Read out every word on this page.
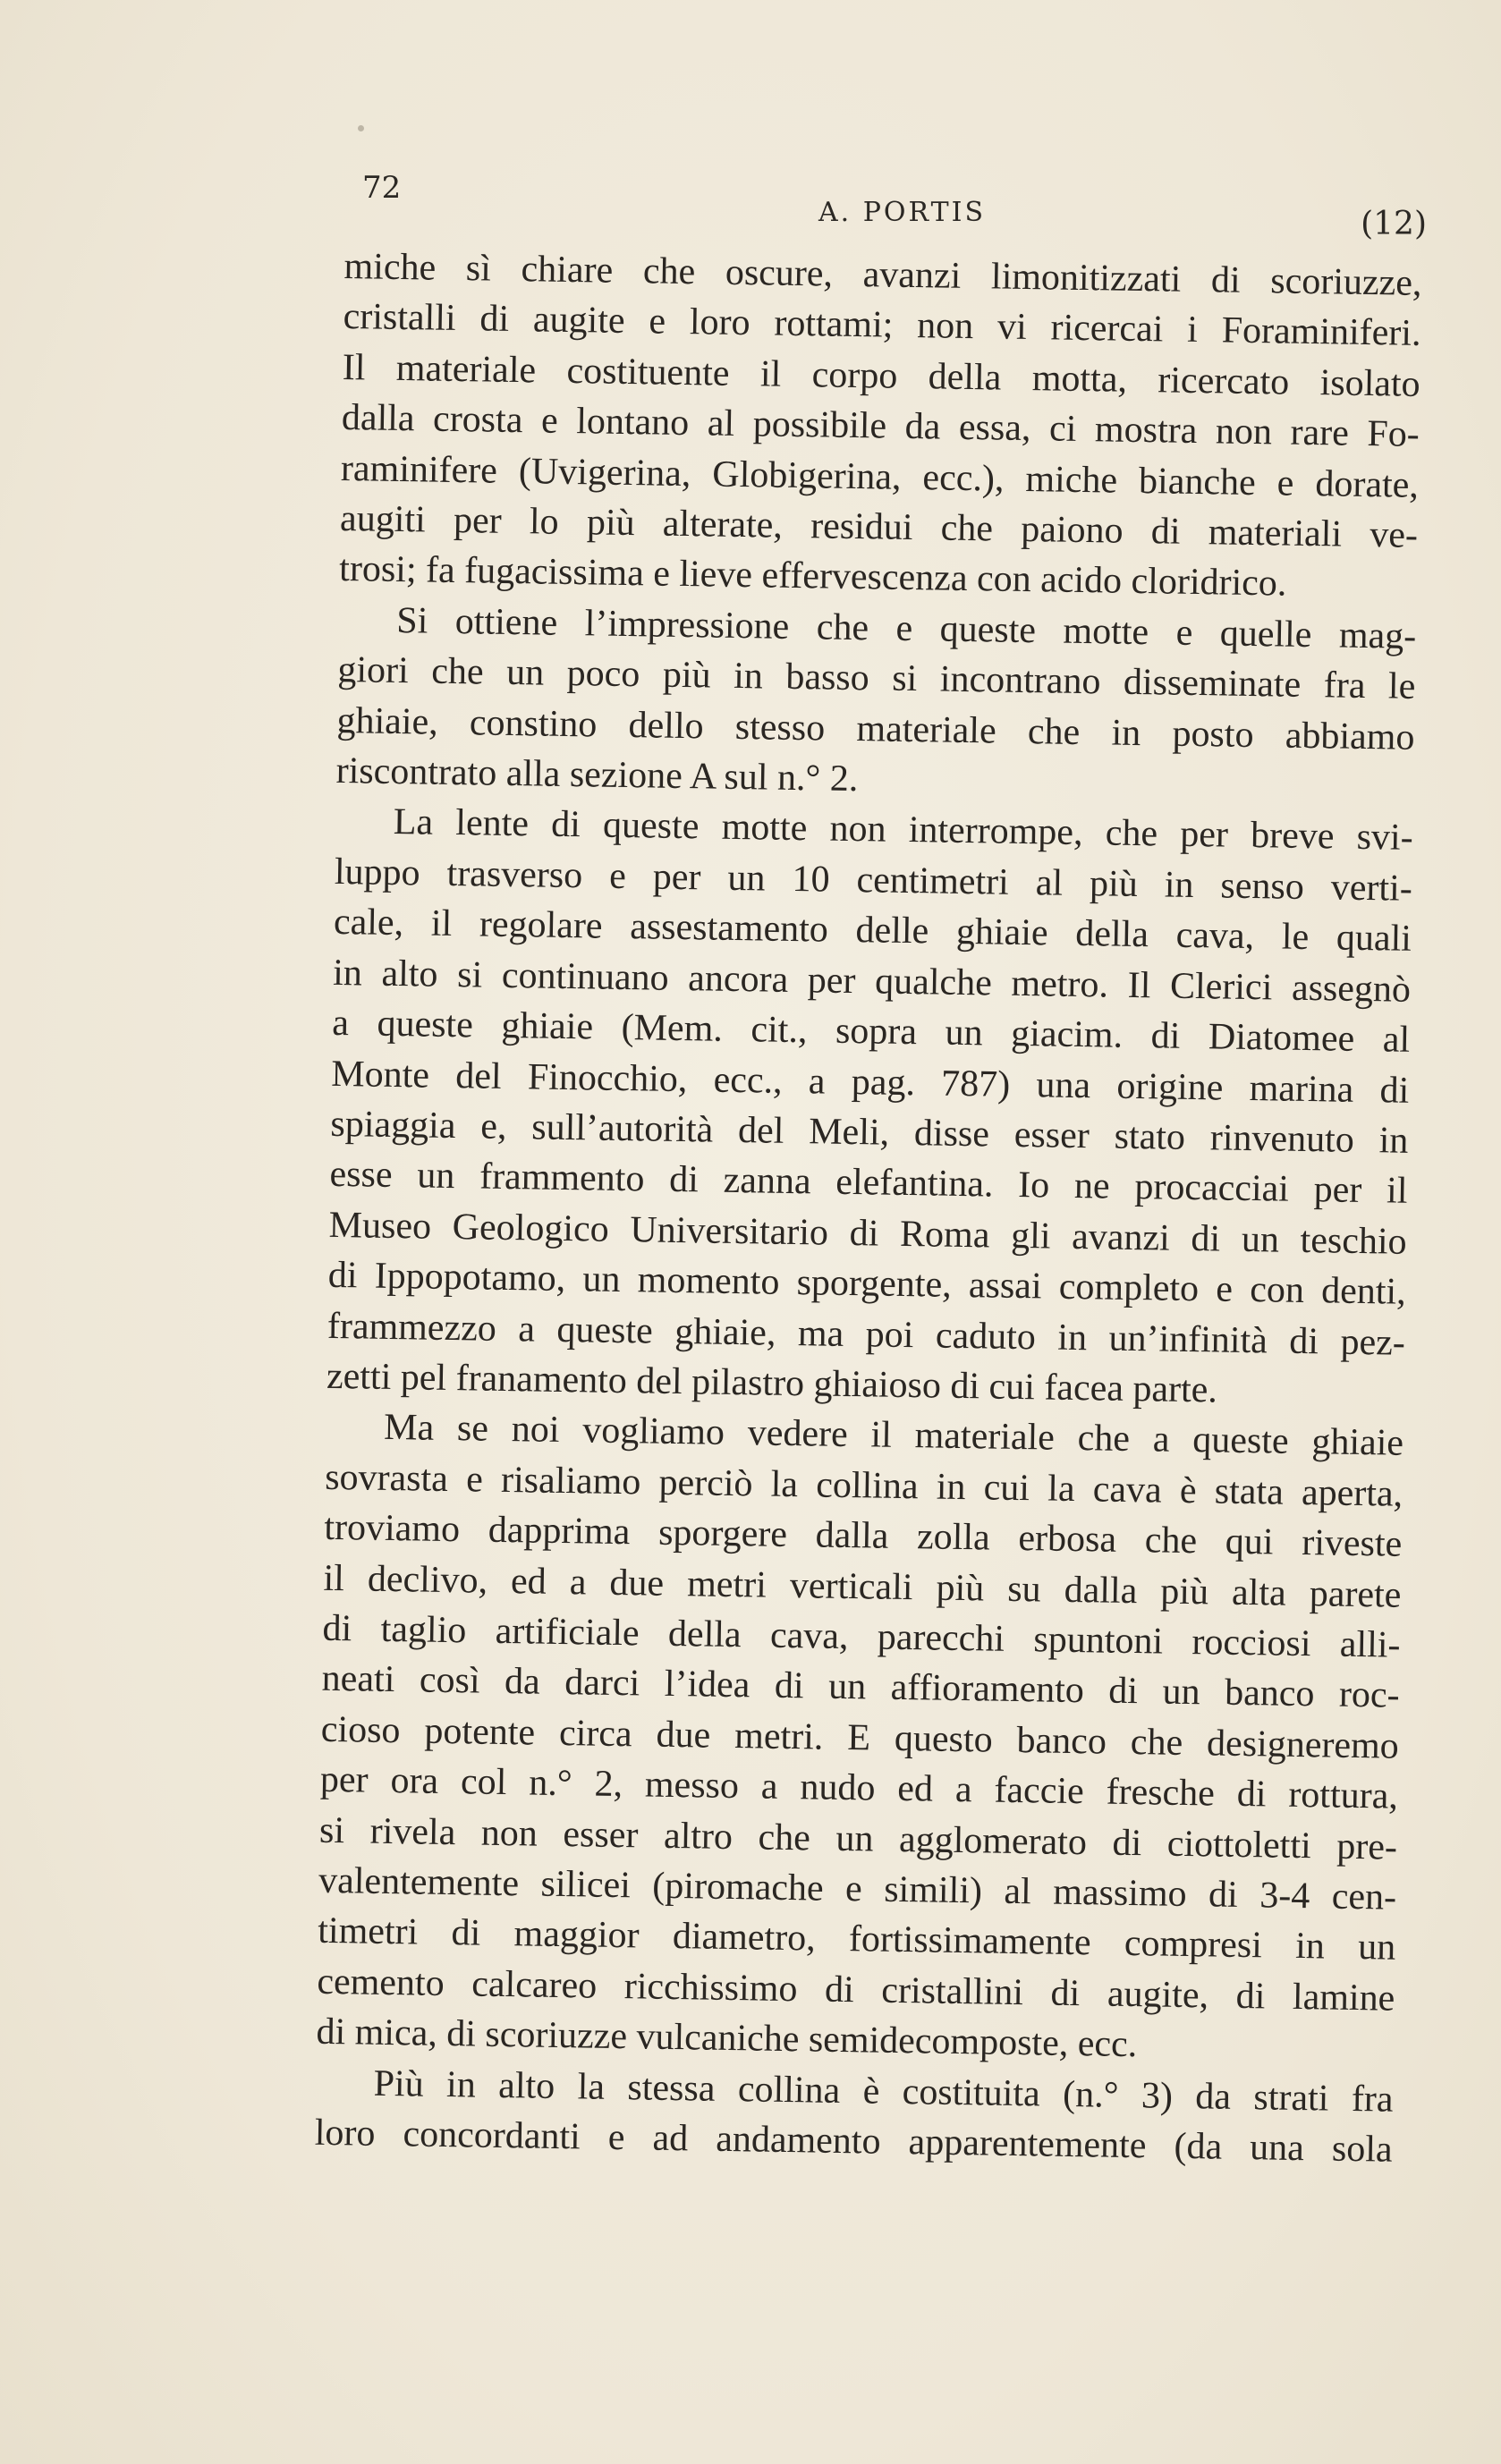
72
A. PORTIS	(12)
miche sì chiare che oscure, avanzi limonitizzati di scoriuzze,
cristalli di augite e loro rottami; non vi ricercai i Foraminiferi.
Il materiale costituente il corpo della motta, ricercato isolato
dalla crosta e lontano al possibile da essa, ci mostra non rare Fo-
raminifere (Uvigerina, Globigerina, ecc.), miche bianche e dorate,
augiti per lo più alterate, residui che paiono di materiali ve-
trosi; fa fugacissima e lieve effervescenza con acido cloridrico.
Si ottiene l’impressione che e queste motte e quelle mag-
giori che un poco più in basso si incontrano disseminate fra le
ghiaie, constino dello stesso materiale che in posto abbiamo
riscontrato alla sezione A sul n.° 2.
La lente di queste motte non interrompe, che per breve svi-
luppo trasverso e per un 10 centimetri al più in senso verti-
cale, il regolare assestamento delle ghiaie della cava, le quali
in alto si continuano ancora per qualche metro. Il Clerici assegnò
a queste ghiaie (Mem. cit., sopra un giacim. di Diatomee al
Monte del Finocchio, ecc., a pag. 787) una origine marina di
spiaggia e, sull’autorità del Meli, disse esser stato rinvenuto in
esse un frammento di zanna elefantina. Io ne procacciai per il
Museo Geologico Universitario di Roma gli avanzi di un teschio
di Ippopotamo, un momento sporgente, assai completo e con denti,
frammezzo a queste ghiaie, ma poi caduto in un’infinità di pez-
zetti pel franamento del pilastro ghiaioso di cui facea parte.
Ma se noi vogliamo vedere il materiale che a queste ghiaie
sovrasta e risaliamo perciò la collina in cui la cava è stata aperta,
troviamo dapprima sporgere dalla zolla erbosa che qui riveste
il declivo, ed a due metri verticali più su dalla più alta parete
di taglio artificiale della cava, parecchi spuntoni rocciosi alli-
neati così da darci l’idea di un affioramento di un banco roc-
cioso potente circa due metri. E questo banco che designeremo
per ora col n.° 2, messo a nudo ed a faccie fresche di rottura,
si rivela non esser altro che un agglomerato di ciottoletti pre-
valentemente silicei (piromache e simili) al massimo di 3-4 cen-
timetri di maggior diametro, fortissimamente compresi in un
cemento calcareo ricchissimo di cristallini di augite, di lamine
di mica, di scoriuzze vulcaniche semidecomposte, ecc.
Più in alto la stessa collina è costituita (n.° 3) da strati fra
loro concordanti e ad andamento apparentemente (da una sola
